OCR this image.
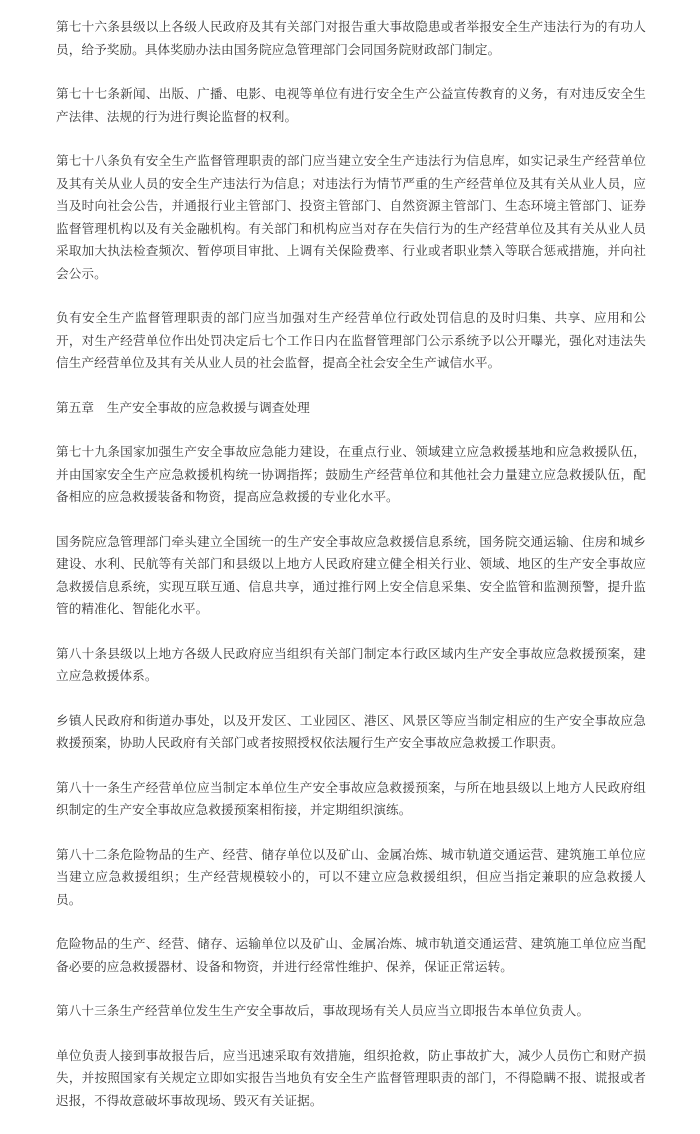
第七十六条县级以上各级人民政府及其有关部门对报告重大事故隐患或者举报安全生产违法行为的有功人员，给予奖励。具体奖励办法由国务院应急管理部门会同国务院财政部门制定。

第七十七条新闻、出版、广播、电影、电视等单位有进行安全生产公益宣传教育的义务，有对违反安全生产法律、法规的行为进行舆论监督的权利。

第七十八条负有安全生产监督管理职责的部门应当建立安全生产违法行为信息库，如实记录生产经营单位及其有关从业人员的安全生产违法行为信息；对违法行为情节严重的生产经营单位及其有关从业人员，应当及时向社会公告，并通报行业主管部门、投资主管部门、自然资源主管部门、生态环境主管部门、证券监督管理机构以及有关金融机构。有关部门和机构应当对存在失信行为的生产经营单位及其有关从业人员采取加大执法检查频次、暂停项目审批、上调有关保险费率、行业或者职业禁入等联合惩戒措施，并向社会公示。

负有安全生产监督管理职责的部门应当加强对生产经营单位行政处罚信息的及时归集、共享、应用和公开，对生产经营单位作出处罚决定后七个工作日内在监督管理部门公示系统予以公开曝光，强化对违法失信生产经营单位及其有关从业人员的社会监督，提高全社会安全生产诚信水平。

第五章　生产安全事故的应急救援与调查处理

第七十九条国家加强生产安全事故应急能力建设，在重点行业、领域建立应急救援基地和应急救援队伍，并由国家安全生产应急救援机构统一协调指挥；鼓励生产经营单位和其他社会力量建立应急救援队伍，配备相应的应急救援装备和物资，提高应急救援的专业化水平。

国务院应急管理部门牵头建立全国统一的生产安全事故应急救援信息系统，国务院交通运输、住房和城乡建设、水利、民航等有关部门和县级以上地方人民政府建立健全相关行业、领域、地区的生产安全事故应急救援信息系统，实现互联互通、信息共享，通过推行网上安全信息采集、安全监管和监测预警，提升监管的精准化、智能化水平。

第八十条县级以上地方各级人民政府应当组织有关部门制定本行政区域内生产安全事故应急救援预案，建立应急救援体系。

乡镇人民政府和街道办事处，以及开发区、工业园区、港区、风景区等应当制定相应的生产安全事故应急救援预案，协助人民政府有关部门或者按照授权依法履行生产安全事故应急救援工作职责。

第八十一条生产经营单位应当制定本单位生产安全事故应急救援预案，与所在地县级以上地方人民政府组织制定的生产安全事故应急救援预案相衔接，并定期组织演练。

第八十二条危险物品的生产、经营、储存单位以及矿山、金属冶炼、城市轨道交通运营、建筑施工单位应当建立应急救援组织；生产经营规模较小的，可以不建立应急救援组织，但应当指定兼职的应急救援人员。

危险物品的生产、经营、储存、运输单位以及矿山、金属冶炼、城市轨道交通运营、建筑施工单位应当配备必要的应急救援器材、设备和物资，并进行经常性维护、保养，保证正常运转。

第八十三条生产经营单位发生生产安全事故后，事故现场有关人员应当立即报告本单位负责人。

单位负责人接到事故报告后，应当迅速采取有效措施，组织抢救，防止事故扩大，减少人员伤亡和财产损失，并按照国家有关规定立即如实报告当地负有安全生产监督管理职责的部门，不得隐瞒不报、谎报或者迟报，不得故意破坏事故现场、毁灭有关证据。
